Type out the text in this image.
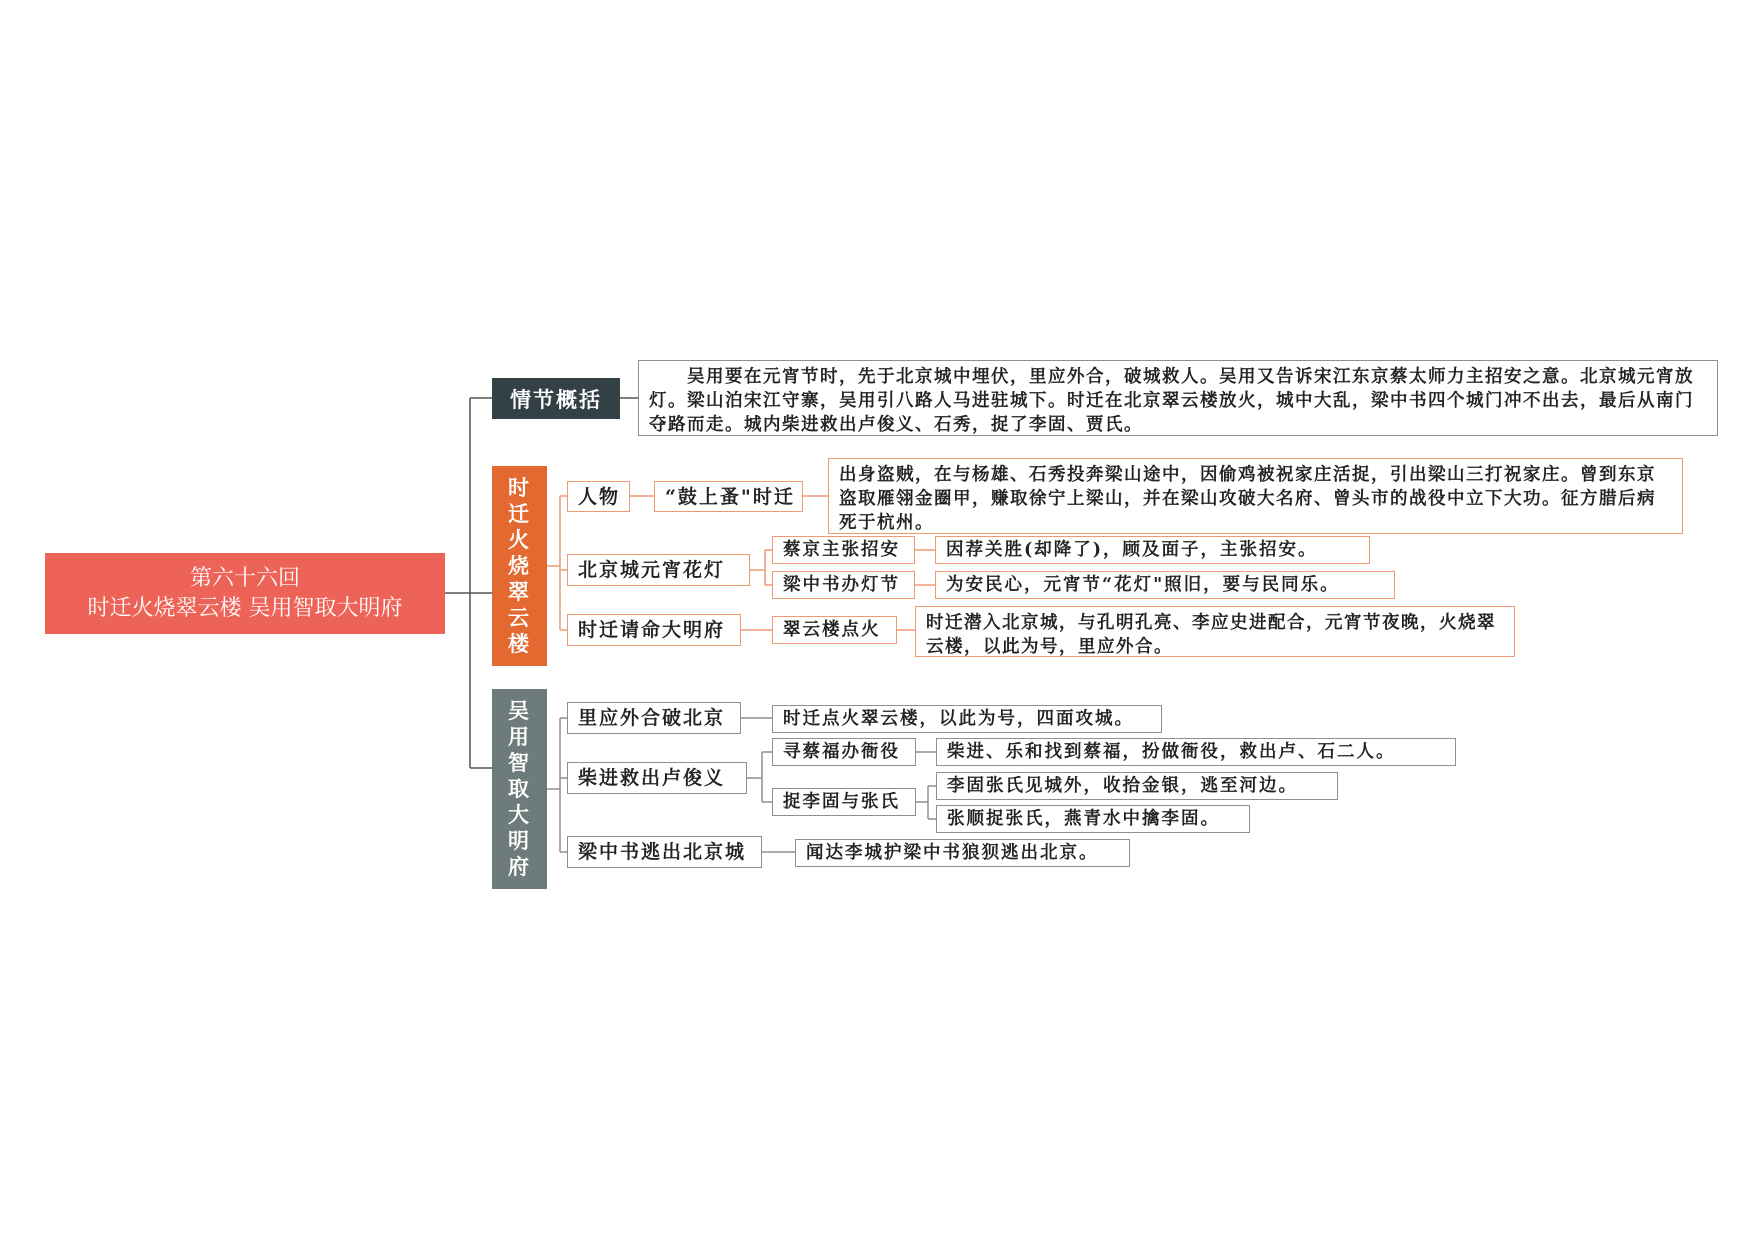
第六十六回
时迁火烧翠云楼 吴用智取大明府
情节概括
吴用要在元宵节时，先于北京城中埋伏，里应外合，破城救人。吴用又告诉宋江东京蔡太师力主招安之意。北京城元宵放灯。梁山泊宋江守寨，吴用引八路人马进驻城下。时迁在北京翠云楼放火，城中大乱，梁中书四个城门冲不出去，最后从南门夺路而走。城内柴进救出卢俊义、石秀，捉了李固、贾氏。
时
迁
火
烧
翠
云
楼
人物 “鼓上蚤"时迁
出身盗贼，在与杨雄、石秀投奔梁山途中，因偷鸡被祝家庄活捉，引出梁山三打祝家庄。曾到东京盗取雁翎金圈甲，赚取徐宁上梁山，并在梁山攻破大名府、曾头市的战役中立下大功。征方腊后病死于杭州。
北京城元宵花灯
蔡京主张招安	因荐关胜(却降了)，顾及面子，主张招安。
梁中书办灯节	为安民心，元宵节“花灯"照旧，要与民同乐。
时迁请命大明府	翠云楼点火	时迁潜入北京城，与孔明孔亮、李应史进配合，元宵节夜晚，火烧翠云楼，以此为号，里应外合。
吴
用
智
取
大
明
府
里应外合破北京	时迁点火翠云楼，以此为号，四面攻城。
柴进救出卢俊义
寻蔡福办衙役	柴进、乐和找到蔡福，扮做衙役，救出卢、石二人。
捉李固与张氏
李固张氏见城外，收拾金银，逃至河边。
张顺捉张氏，燕青水中擒李固。
梁中书逃出北京城	闻达李城护梁中书狼狈逃出北京。
